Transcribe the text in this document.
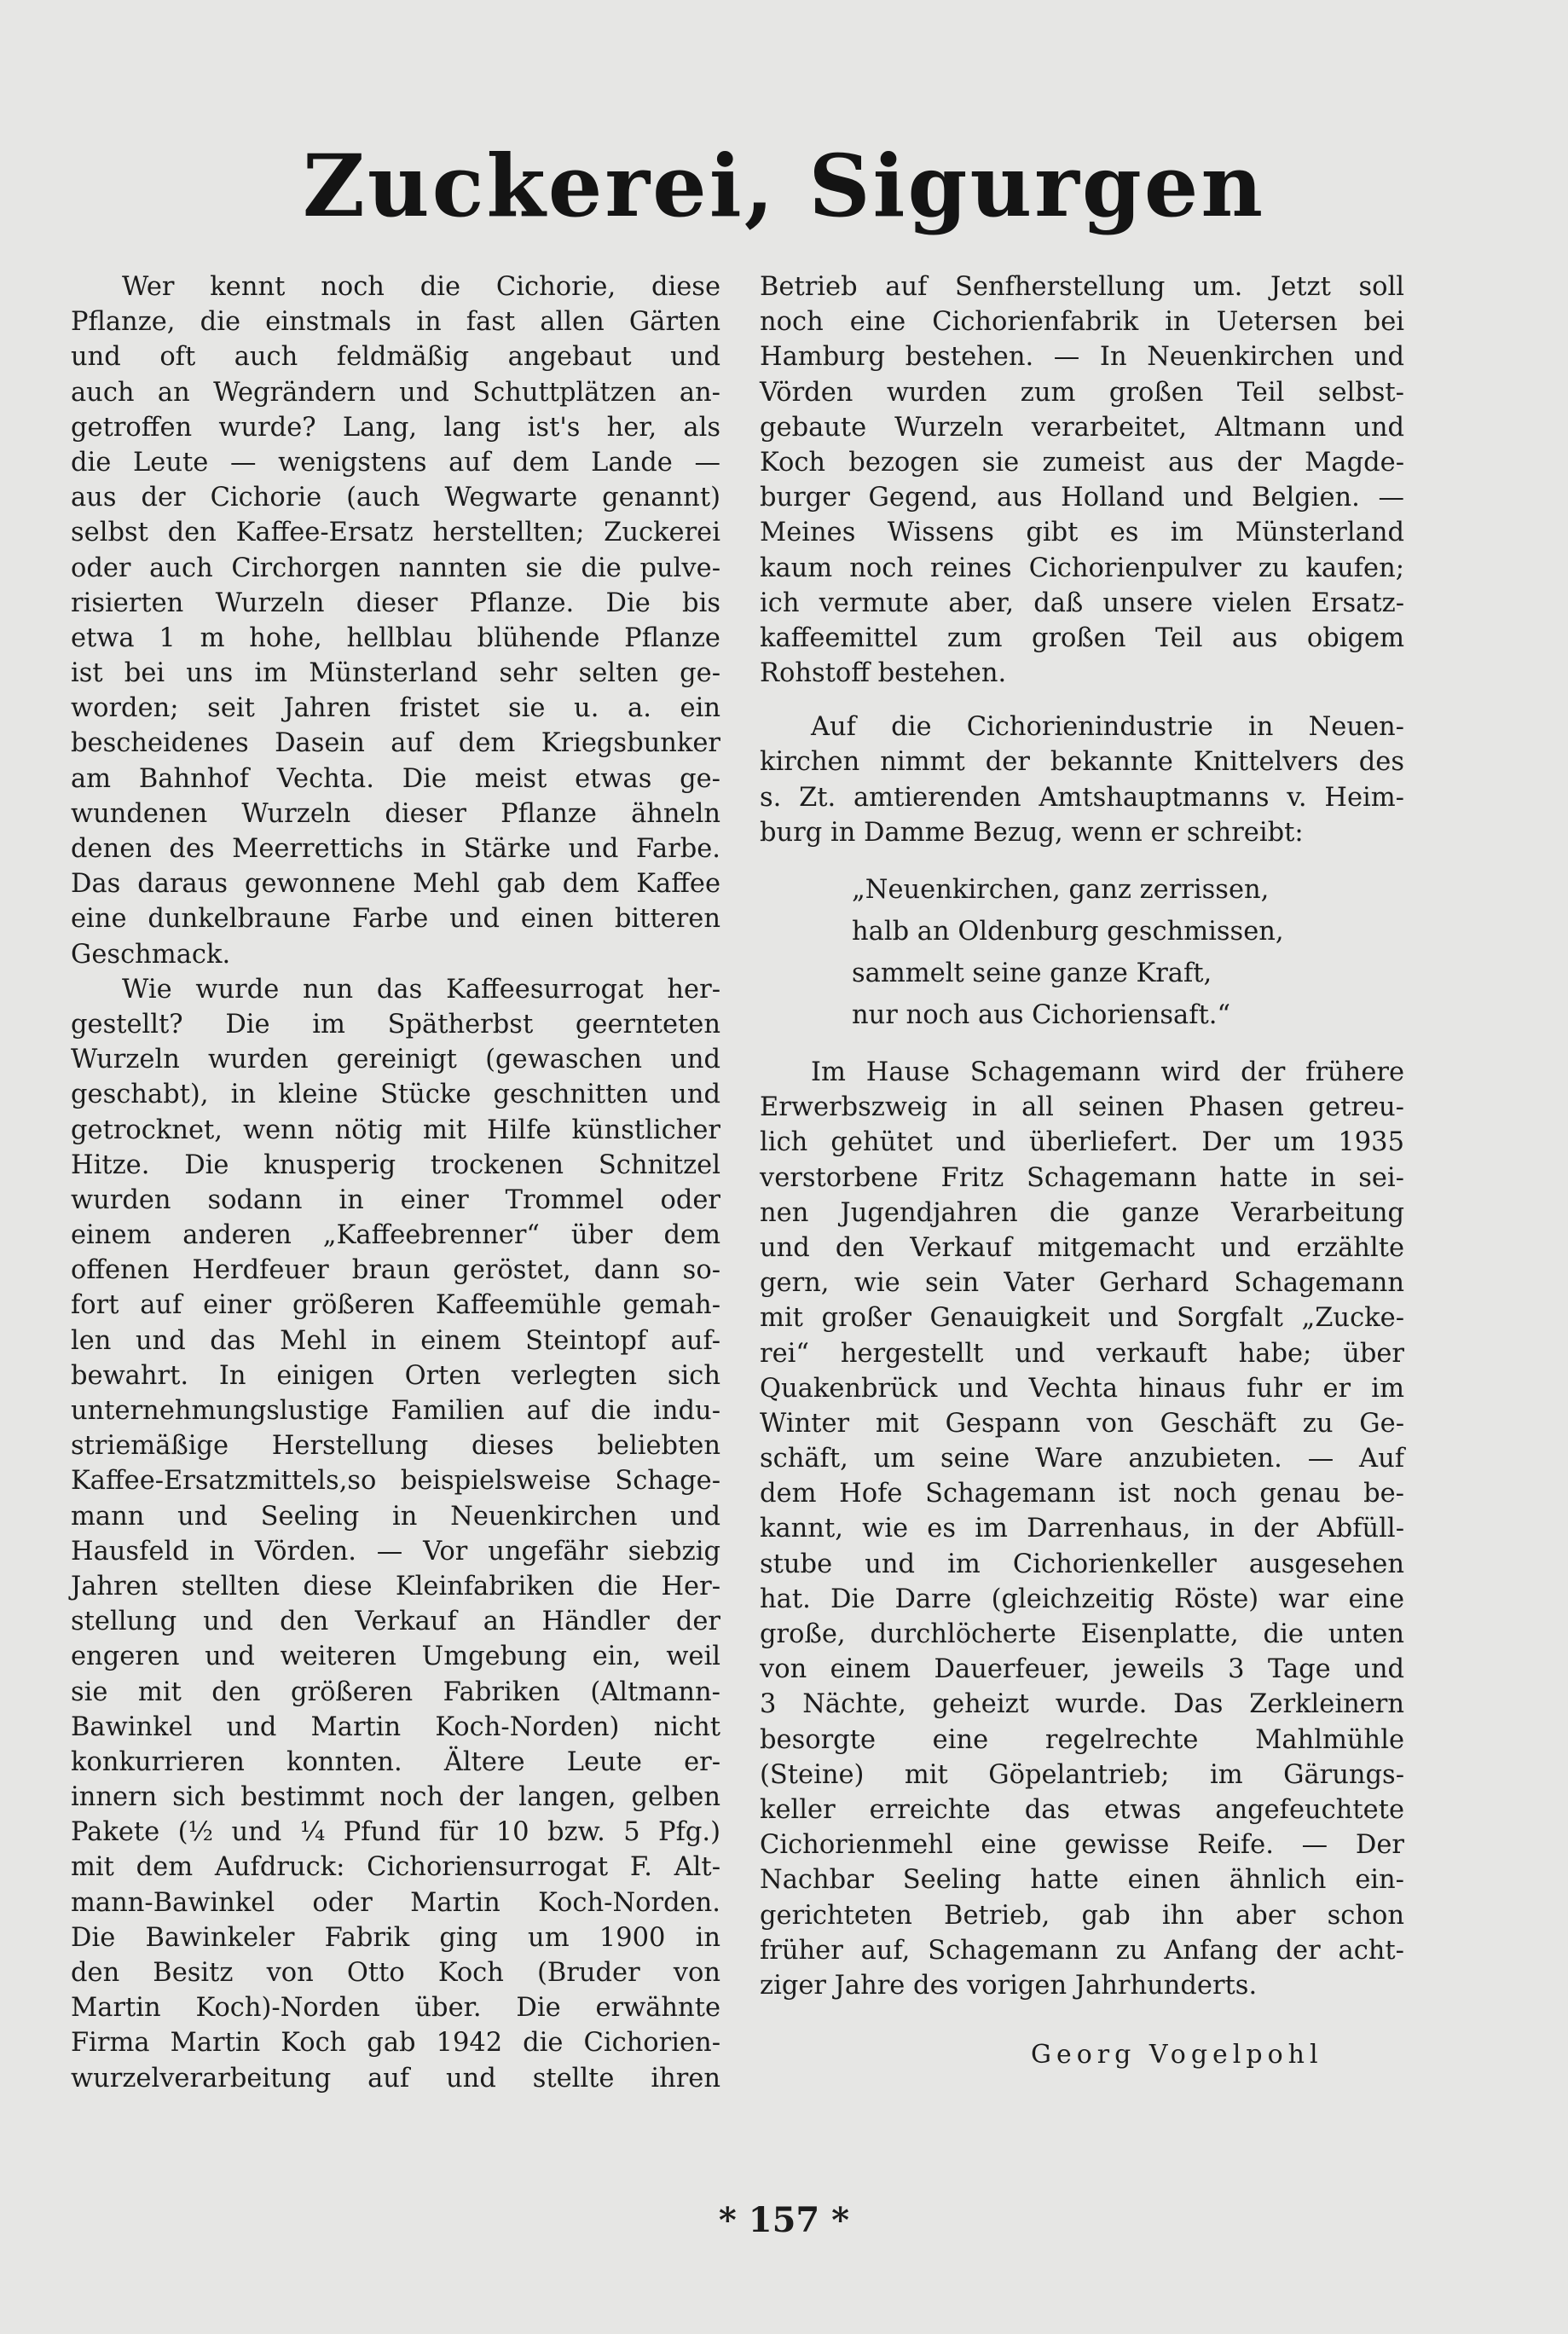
Zuckerei, Sigurgen
Wer kennt noch die Cichorie, diese
Pflanze, die einstmals in fast allen Gärten
und oft auch feldmäßig angebaut und
auch an Wegrändern und Schuttplätzen an-
getroffen wurde? Lang, lang ist's her, als
die Leute — wenigstens auf dem Lande —
aus der Cichorie (auch Wegwarte genannt)
selbst den Kaffee-Ersatz herstellten; Zuckerei
oder auch Circhorgen nannten sie die pulve-
risierten Wurzeln dieser Pflanze. Die bis
etwa 1 m hohe, hellblau blühende Pflanze
ist bei uns im Münsterland sehr selten ge-
worden; seit Jahren fristet sie u. a. ein
bescheidenes Dasein auf dem Kriegsbunker
am Bahnhof Vechta. Die meist etwas ge-
wundenen Wurzeln dieser Pflanze ähneln
denen des Meerrettichs in Stärke und Farbe.
Das daraus gewonnene Mehl gab dem Kaffee
eine dunkelbraune Farbe und einen bitteren
Geschmack.
Wie wurde nun das Kaffeesurrogat her-
gestellt? Die im Spätherbst geernteten
Wurzeln wurden gereinigt (gewaschen und
geschabt), in kleine Stücke geschnitten und
getrocknet, wenn nötig mit Hilfe künstlicher
Hitze. Die knusperig trockenen Schnitzel
wurden sodann in einer Trommel oder
einem anderen „Kaffeebrenner“ über dem
offenen Herdfeuer braun geröstet, dann so-
fort auf einer größeren Kaffeemühle gemah-
len und das Mehl in einem Steintopf auf-
bewahrt. In einigen Orten verlegten sich
unternehmungslustige Familien auf die indu-
striemäßige Herstellung dieses beliebten
Kaffee-Ersatzmittels,so beispielsweise Schage-
mann und Seeling in Neuenkirchen und
Hausfeld in Vörden. — Vor ungefähr siebzig
Jahren stellten diese Kleinfabriken die Her-
stellung und den Verkauf an Händler der
engeren und weiteren Umgebung ein, weil
sie mit den größeren Fabriken (Altmann-
Bawinkel und Martin Koch-Norden) nicht
konkurrieren konnten. Ältere Leute er-
innern sich bestimmt noch der langen, gelben
Pakete (½ und ¼ Pfund für 10 bzw. 5 Pfg.)
mit dem Aufdruck: Cichoriensurrogat F. Alt-
mann-Bawinkel oder Martin Koch-Norden.
Die Bawinkeler Fabrik ging um 1900 in
den Besitz von Otto Koch (Bruder von
Martin Koch)-Norden über. Die erwähnte
Firma Martin Koch gab 1942 die Cichorien-
wurzelverarbeitung auf und stellte ihren
Betrieb auf Senfherstellung um. Jetzt soll
noch eine Cichorienfabrik in Uetersen bei
Hamburg bestehen. — In Neuenkirchen und
Vörden wurden zum großen Teil selbst-
gebaute Wurzeln verarbeitet, Altmann und
Koch bezogen sie zumeist aus der Magde-
burger Gegend, aus Holland und Belgien. —
Meines Wissens gibt es im Münsterland
kaum noch reines Cichorienpulver zu kaufen;
ich vermute aber, daß unsere vielen Ersatz-
kaffeemittel zum großen Teil aus obigem
Rohstoff bestehen.
Auf die Cichorienindustrie in Neuen-
kirchen nimmt der bekannte Knittelvers des
s. Zt. amtierenden Amtshauptmanns v. Heim-
burg in Damme Bezug, wenn er schreibt:
„Neuenkirchen, ganz zerrissen,
halb an Oldenburg geschmissen,
sammelt seine ganze Kraft,
nur noch aus Cichoriensaft.“
Im Hause Schagemann wird der frühere
Erwerbszweig in all seinen Phasen getreu-
lich gehütet und überliefert. Der um 1935
verstorbene Fritz Schagemann hatte in sei-
nen Jugendjahren die ganze Verarbeitung
und den Verkauf mitgemacht und erzählte
gern, wie sein Vater Gerhard Schagemann
mit großer Genauigkeit und Sorgfalt „Zucke-
rei“ hergestellt und verkauft habe; über
Quakenbrück und Vechta hinaus fuhr er im
Winter mit Gespann von Geschäft zu Ge-
schäft, um seine Ware anzubieten. — Auf
dem Hofe Schagemann ist noch genau be-
kannt, wie es im Darrenhaus, in der Abfüll-
stube und im Cichorienkeller ausgesehen
hat. Die Darre (gleichzeitig Röste) war eine
große, durchlöcherte Eisenplatte, die unten
von einem Dauerfeuer, jeweils 3 Tage und
3 Nächte, geheizt wurde. Das Zerkleinern
besorgte eine regelrechte Mahlmühle
(Steine) mit Göpelantrieb; im Gärungs-
keller erreichte das etwas angefeuchtete
Cichorienmehl eine gewisse Reife. — Der
Nachbar Seeling hatte einen ähnlich ein-
gerichteten Betrieb, gab ihn aber schon
früher auf, Schagemann zu Anfang der acht-
ziger Jahre des vorigen Jahrhunderts.
Georg Vogelpohl
* 157 *
